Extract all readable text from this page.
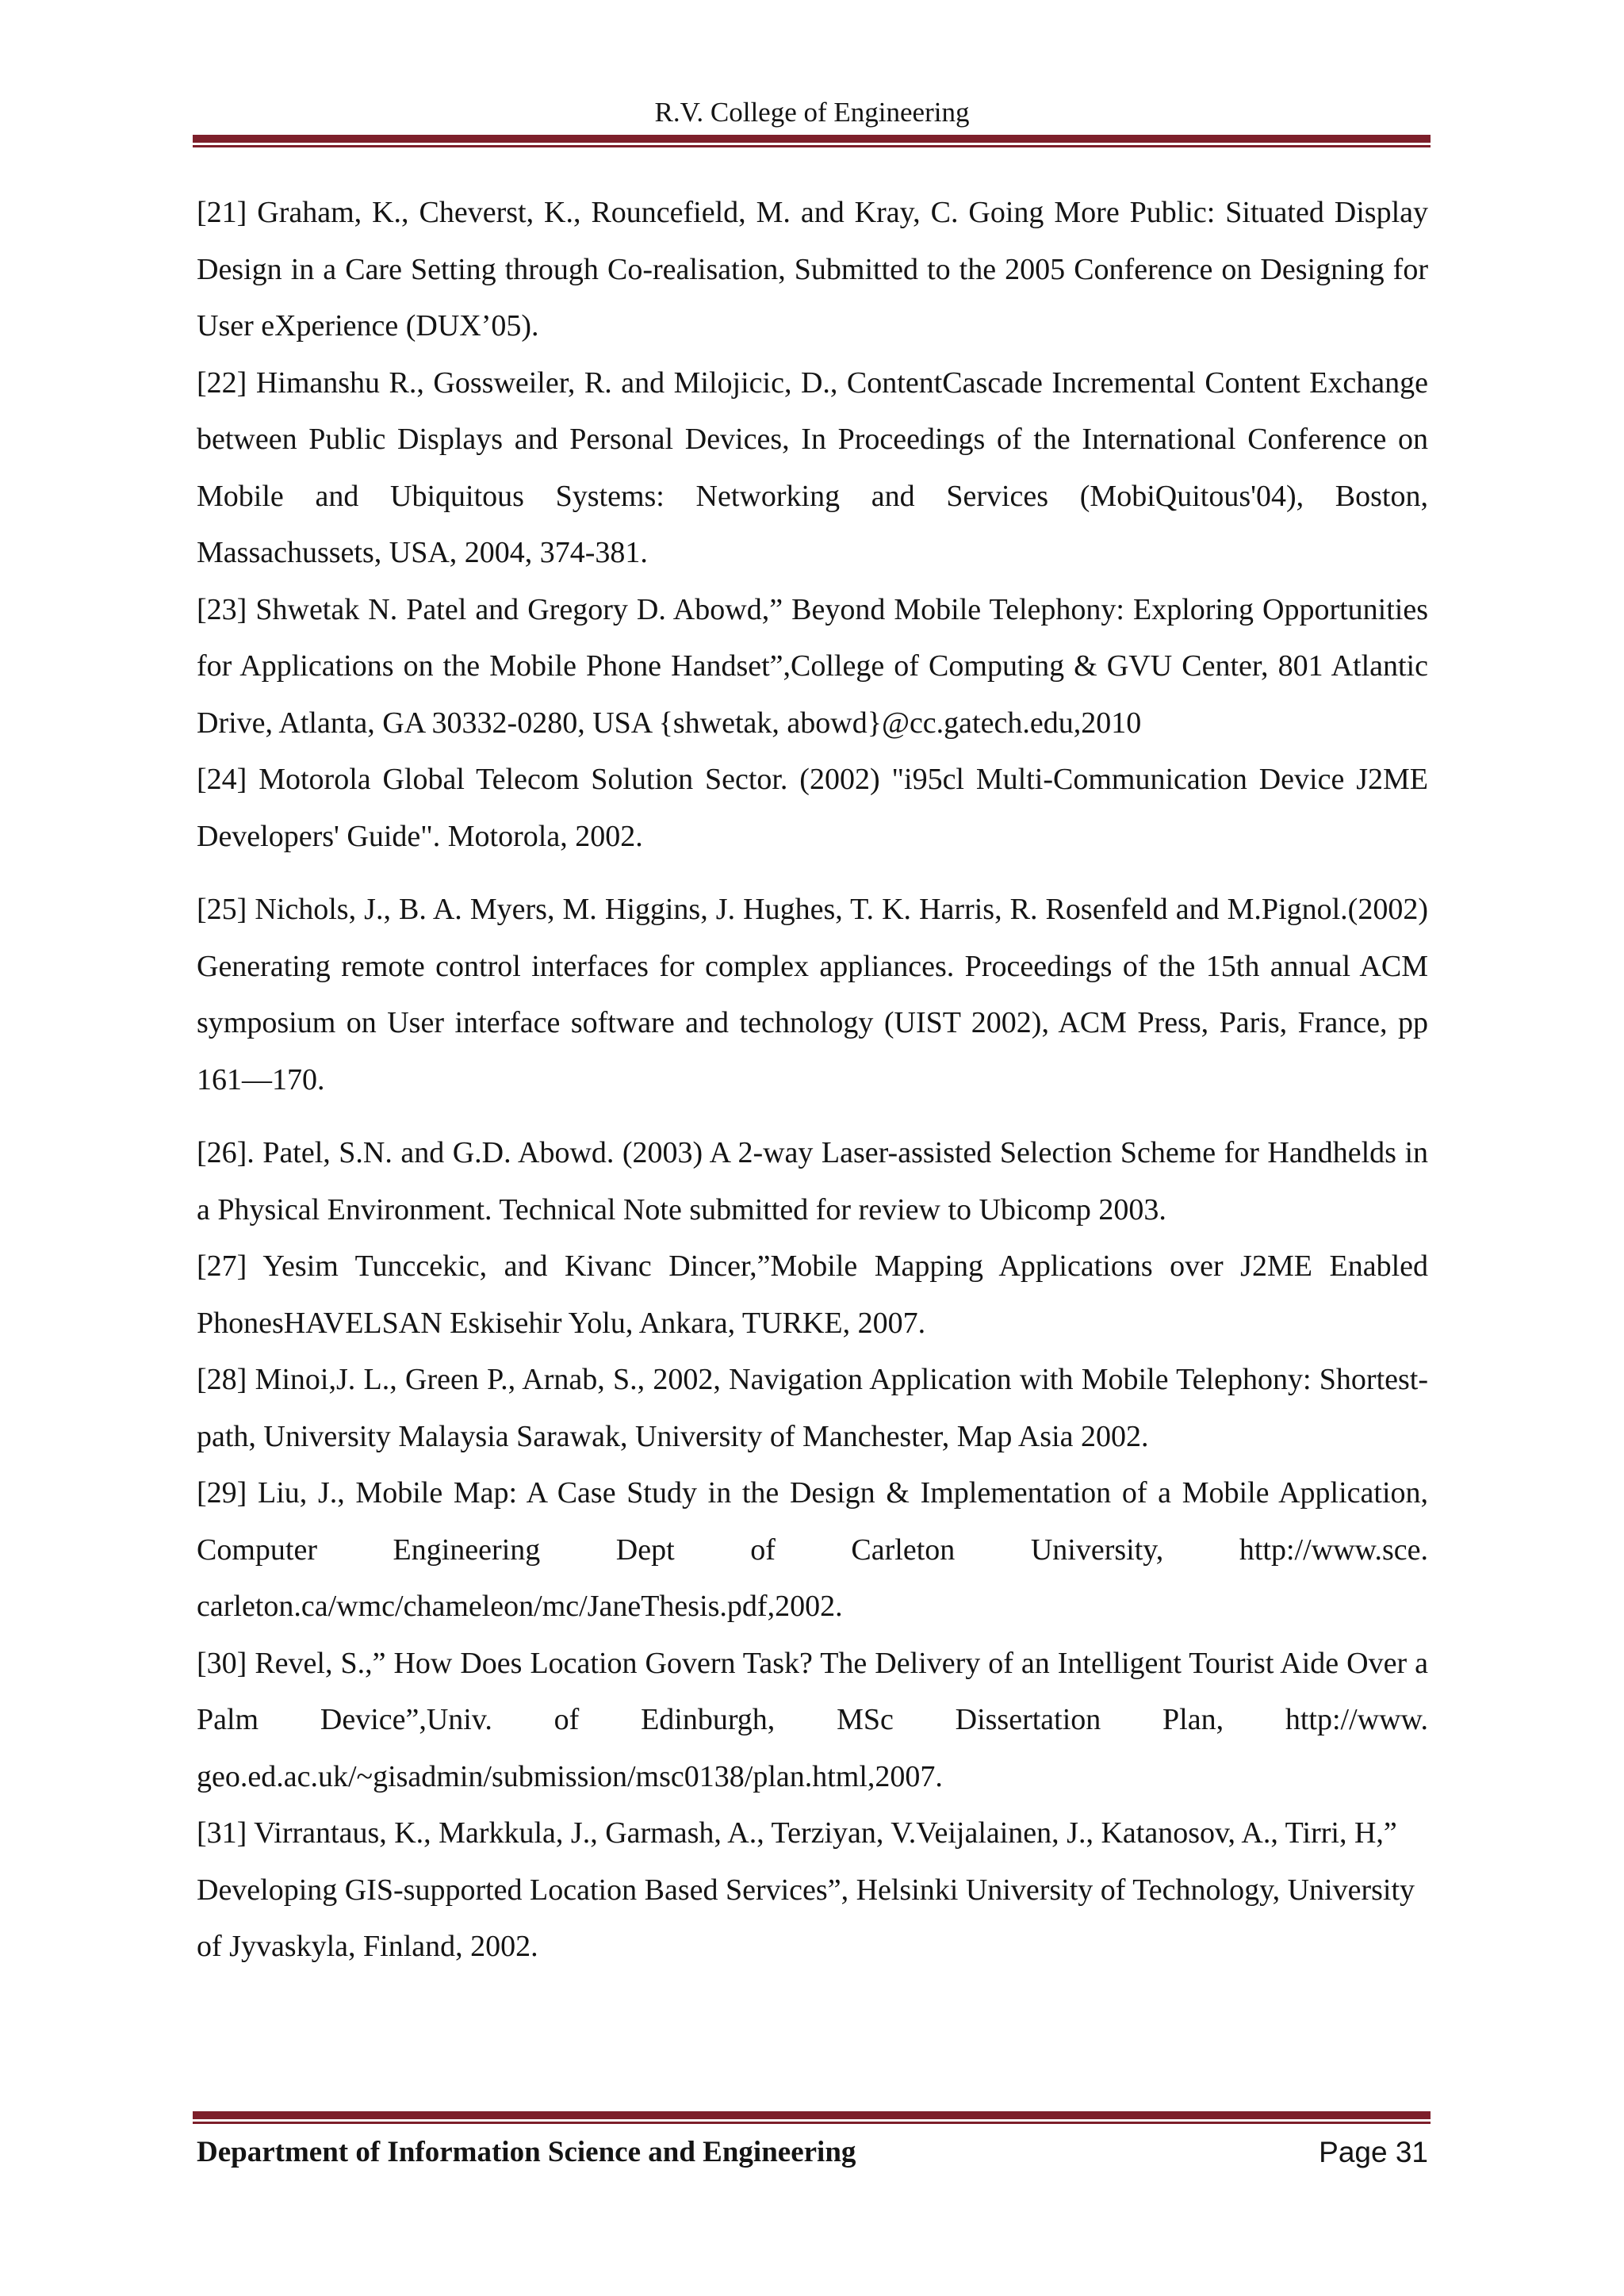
R.V. College of Engineering

[21] Graham, K., Cheverst, K., Rouncefield, M. and Kray, C. Going More Public: Situated Display Design in a Care Setting through Co-realisation, Submitted to the 2005 Conference on Designing for User eXperience (DUX’05).

[22] Himanshu R., Gossweiler, R. and Milojicic, D., ContentCascade Incremental Content Exchange between Public Displays and Personal Devices, In Proceedings of the International Conference on Mobile and Ubiquitous Systems: Networking and Services (MobiQuitous'04), Boston, Massachussets, USA, 2004, 374-381.

[23] Shwetak N. Patel and Gregory D. Abowd,” Beyond Mobile Telephony: Exploring Opportunities for Applications on the Mobile Phone Handset”,College of Computing & GVU Center, 801 Atlantic Drive, Atlanta, GA 30332-0280, USA {shwetak, abowd}@cc.gatech.edu,2010

[24] Motorola Global Telecom Solution Sector. (2002) "i95cl Multi-Communication Device J2ME Developers' Guide". Motorola, 2002.

[25] Nichols, J., B. A. Myers, M. Higgins, J. Hughes, T. K. Harris, R. Rosenfeld and M.Pignol.(2002) Generating remote control interfaces for complex appliances. Proceedings of the 15th annual ACM symposium on User interface software and technology (UIST 2002), ACM Press, Paris, France, pp 161—170.

[26]. Patel, S.N. and G.D. Abowd. (2003) A 2-way Laser-assisted Selection Scheme for Handhelds in a Physical Environment. Technical Note submitted for review to Ubicomp 2003.

[27] Yesim Tunccekic, and Kivanc Dincer,”Mobile Mapping Applications over J2ME Enabled PhonesHAVELSAN Eskisehir Yolu, Ankara, TURKE, 2007.

[28] Minoi,J. L., Green P., Arnab, S., 2002, Navigation Application with Mobile Telephony: Shortest-path, University Malaysia Sarawak, University of Manchester, Map Asia 2002.

[29] Liu, J., Mobile Map: A Case Study in the Design & Implementation of a Mobile Application, Computer Engineering Dept of Carleton University, http://www.sce. carleton.ca/wmc/chameleon/mc/JaneThesis.pdf,2002.

[30] Revel, S.,” How Does Location Govern Task? The Delivery of an Intelligent Tourist Aide Over a Palm Device”,Univ. of Edinburgh, MSc Dissertation Plan, http://www. geo.ed.ac.uk/~gisadmin/submission/msc0138/plan.html,2007.

[31] Virrantaus, K., Markkula, J., Garmash, A., Terziyan, V.Veijalainen, J., Katanosov, A., Tirri, H,” Developing GIS-supported Location Based Services”, Helsinki University of Technology, University of Jyvaskyla, Finland, 2002.

Department of Information Science and Engineering	Page 31
